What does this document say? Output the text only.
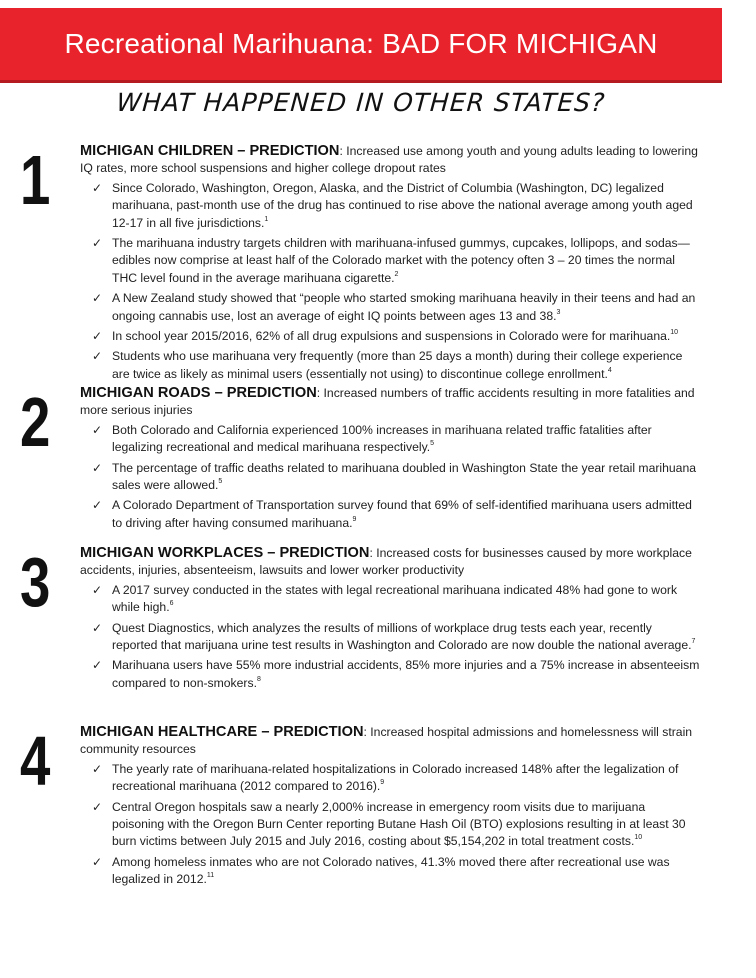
Recreational Marihuana: BAD FOR MICHIGAN
WHAT HAPPENED IN OTHER STATES?
1 MICHIGAN CHILDREN – PREDICTION: Increased use among youth and young adults leading to lowering IQ rates, more school suspensions and higher college dropout rates

✓ Since Colorado, Washington, Oregon, Alaska, and the District of Columbia (Washington, DC) legalized marihuana, past-month use of the drug has continued to rise above the national average among youth aged 12-17 in all five jurisdictions.$^1$
✓ The marihuana industry targets children with marihuana-infused gummys, cupcakes, lollipops, and sodas—edibles now comprise at least half of the Colorado market with the potency often 3 – 20 times the normal THC level found in the average marihuana cigarette.$^2$
✓ A New Zealand study showed that “people who started smoking marihuana heavily in their teens and had an ongoing cannabis use, lost an average of eight IQ points between ages 13 and 38.$^3$
✓ In school year 2015/2016, 62% of all drug expulsions and suspensions in Colorado were for marihuana.$^{10}$
✓ Students who use marihuana very frequently (more than 25 days a month) during their college experience are twice as likely as minimal users (essentially not using) to discontinue college enrollment.$^4$
2 MICHIGAN ROADS – PREDICTION: Increased numbers of traffic accidents resulting in more fatalities and more serious injuries

✓ Both Colorado and California experienced 100% increases in marihuana related traffic fatalities after legalizing recreational and medical marihuana respectively.$^5$
✓ The percentage of traffic deaths related to marihuana doubled in Washington State the year retail marihuana sales were allowed.$^5$
✓ A Colorado Department of Transportation survey found that 69% of self-identified marihuana users admitted to driving after having consumed marihuana.$^9$
3 MICHIGAN WORKPLACES – PREDICTION: Increased costs for businesses caused by more workplace accidents, injuries, absenteeism, lawsuits and lower worker productivity

✓ A 2017 survey conducted in the states with legal recreational marihuana indicated 48% had gone to work while high.$^6$
✓ Quest Diagnostics, which analyzes the results of millions of workplace drug tests each year, recently reported that marijuana urine test results in Washington and Colorado are now double the national average.$^7$
✓ Marihuana users have 55% more industrial accidents, 85% more injuries and a 75% increase in absenteeism compared to non-smokers.$^8$
4 MICHIGAN HEALTHCARE – PREDICTION: Increased hospital admissions and homelessness will strain community resources

✓ The yearly rate of marihuana-related hospitalizations in Colorado increased 148% after the legalization of recreational marihuana (2012 compared to 2016).$^9$
✓ Central Oregon hospitals saw a nearly 2,000% increase in emergency room visits due to marijuana poisoning with the Oregon Burn Center reporting Butane Hash Oil (BTO) explosions resulting in at least 30 burn victims between July 2015 and July 2016, costing about $5,154,202 in total treatment costs.$^{10}$
✓ Among homeless inmates who are not Colorado natives, 41.3% moved there after recreational use was legalized in 2012.11
